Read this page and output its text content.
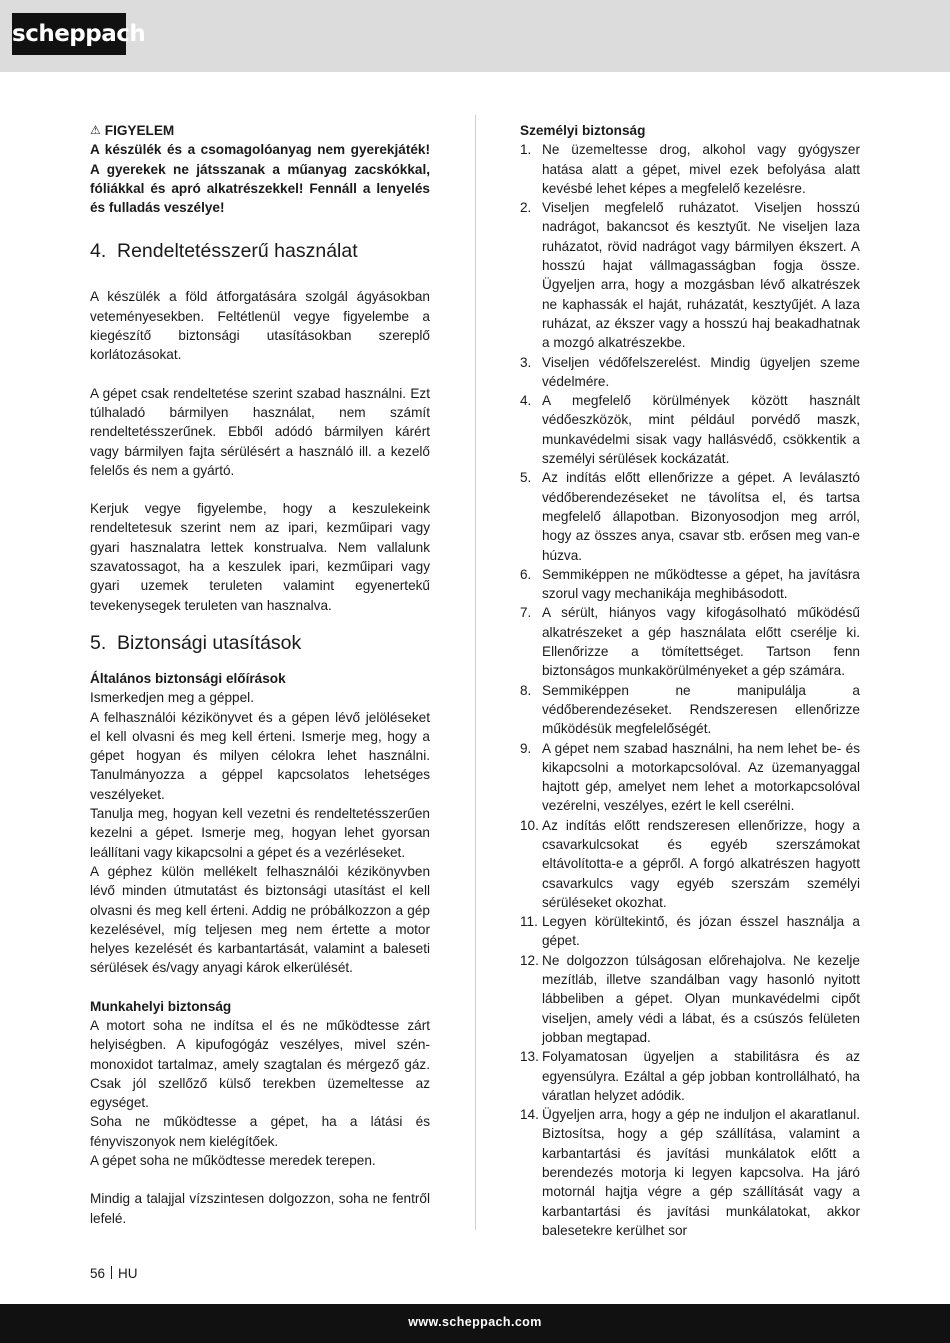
scheppach
⚠ FIGYELEM

A készülék és a csomagolóanyag nem gyerekjáték! A gyerekek ne játsszanak a műanyag zacskókkal, fóliákkal és apró alkatrészekkel! Fennáll a lenyelés és fulladás veszélye!

4. Rendeltetésszerű használat

A készülék a föld átforgatására szolgál ágyásokban veteményesekben. Feltétlenül vegye figyelembe a kiegészítő biztonsági utasításokban szereplő korlátozásokat.

A gépet csak rendeltetése szerint szabad használni. Ezt túlhaladó bármilyen használat, nem számít rendeltetésszerűnek. Ebből adódó bármilyen kárért vagy bármilyen fajta sérülésért a használó ill. a kezelő felelős és nem a gyártó.

Kerjuk vegye figyelembe, hogy a keszulekeink rendeltetesuk szerint nem az ipari, kezműipari vagy gyari hasznalatra lettek konstrualva. Nem vallalunk szavatossagot, ha a keszulek ipari, kezműipari vagy gyari uzemek teruleten valamint egyenertekű tevekenysegek teruleten van hasznalva.

5. Biztonsági utasítások

Általános biztonsági előírások

Ismerkedjen meg a géppel.

A felhasználói kézikönyvet és a gépen lévő jelöléseket el kell olvasni és meg kell érteni. Ismerje meg, hogy a gépet hogyan és milyen célokra lehet használni. Tanulmányozza a géppel kapcsolatos lehetséges veszélyeket.

Tanulja meg, hogyan kell vezetni és rendeltetésszerűen kezelni a gépet. Ismerje meg, hogyan lehet gyorsan leállítani vagy kikapcsolni a gépet és a vezérléseket.

A géphez külön mellékelt felhasználói kézikönyvben lévő minden útmutatást és biztonsági utasítást el kell olvasni és meg kell érteni. Addig ne próbálkozzon a gép kezelésével, míg teljesen meg nem értette a motor helyes kezelését és karbantartását, valamint a baleseti sérülések és/vagy anyagi károk elkerülését.

Munkahelyi biztonság

A motort soha ne indítsa el és ne működtesse zárt helyiségben. A kipufogógáz veszélyes, mivel szén-monoxidot tartalmaz, amely szagtalan és mérgező gáz. Csak jól szellőző külső terekben üzemeltesse az egységet.

Soha ne működtesse a gépet, ha a látási és fényviszonyok nem kielégítőek.

A gépet soha ne működtesse meredek terepen.

Mindig a talajjal vízszintesen dolgozzon, soha ne fentről lefelé.

Személyi biztonság

1. Ne üzemeltesse drog, alkohol vagy gyógyszer hatása alatt a gépet, mivel ezek befolyása alatt kevésbé lehet képes a megfelelő kezelésre.
2. Viseljen megfelelő ruházatot. Viseljen hosszú nadrágot, bakancsot és kesztyűt. Ne viseljen laza ruházatot, rövid nadrágot vagy bármilyen ékszert. A hosszú hajat vállmagasságban fogja össze. Ügyeljen arra, hogy a mozgásban lévő alkatrészek ne kaphassák el haját, ruházatát, kesztyűjét. A laza ruházat, az ékszer vagy a hosszú haj beakadhatnak a mozgó alkatrészekbe.
3. Viseljen védőfelszerelést. Mindig ügyeljen szeme védelmére.
4. A megfelelő körülmények között használt védőeszközök, mint például porvédő maszk, munkavédelmi sisak vagy hallásvédő, csökkentik a személyi sérülések kockázatát.
5. Az indítás előtt ellenőrizze a gépet. A leválasztó védőberendezéseket ne távolítsa el, és tartsa megfelelő állapotban. Bizonyosodjon meg arról, hogy az összes anya, csavar stb. erősen meg van-e húzva.
6. Semmiképpen ne működtesse a gépet, ha javításra szorul vagy mechanikája meghibásodott.
7. A sérült, hiányos vagy kifogásolható működésű alkatrészeket a gép használata előtt cserélje ki. Ellenőrizze a tömítettséget. Tartson fenn biztonságos munkakörülményeket a gép számára.
8. Semmiképpen ne manipulálja a védőberendezéseket. Rendszeresen ellenőrizze működésük megfelelőségét.
9. A gépet nem szabad használni, ha nem lehet be- és kikapcsolni a motorkapcsolóval. Az üzemanyaggal hajtott gép, amelyet nem lehet a motorkapcsolóval vezérelni, veszélyes, ezért le kell cserélni.
10. Az indítás előtt rendszeresen ellenőrizze, hogy a csavarkulcsokat és egyéb szerszámokat eltávolította-e a gépről. A forgó alkatrészen hagyott csavarkulcs vagy egyéb szerszám személyi sérüléseket okozhat.
11. Legyen körültekintő, és józan ésszel használja a gépet.
12. Ne dolgozzon túlságosan előrehajolva. Ne kezelje mezítláb, illetve szandálban vagy hasonló nyitott lábbeliben a gépet. Olyan munkavédelmi cipőt viseljen, amely védi a lábat, és a csúszós felületen jobban megtapad.
13. Folyamatosan ügyeljen a stabilitásra és az egyensúlyra. Ezáltal a gép jobban kontrollálható, ha váratlan helyzet adódik.
14. Ügyeljen arra, hogy a gép ne induljon el akaratlanul. Biztosítsa, hogy a gép szállítása, valamint a karbantartási és javítási munkálatok előtt a berendezés motorja ki legyen kapcsolva. Ha járó motornál hajtja végre a gép szállítását vagy a karbantartási és javítási munkálatokat, akkor balesetekre kerülhet sor
56 HU
www.scheppach.com
